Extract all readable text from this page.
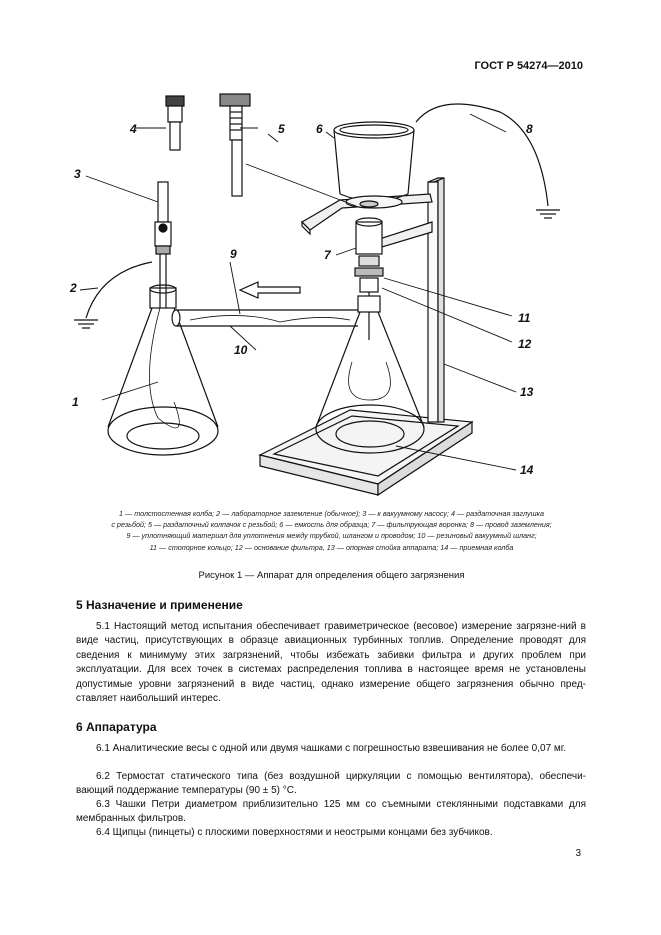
ГОСТ Р 54274—2010
4	5	6	8
3
2
9	7
10
1
11
12
13
14

1 — толстостенная колба; 2 — лабораторное заземление (обычное); 3 — к вакуумному насосу; 4 — раздаточная заглушка

с резьбой; 5 — раздаточный колпачок с резьбой; 6 — емкость для образца; 7 — фильтрующая воронка; 8 — провод заземления;

9 — уплотняющий материал для уплотнения между трубкой, шлангом и проводом; 10 — резиновый вакуумный шланг;

11 — стопорное кольцо; 12 — основание фильтра, 13 — опорная стойка аппарата; 14 — приемная колба

Рисунок 1 — Аппарат для определения общего загрязнения
5 Назначение и применение

5.1 Настоящий метод испытания обеспечивает гравиметрическое (весовое) измерение загрязне-ний в виде частиц, присутствующих в образце авиационных турбинных топлив. Определение проводят для сведения к минимуму этих загрязнений, чтобы избежать забивки фильтра и других проблем при эксплуатации. Для всех точек в системах распределения топлива в настоящее время не установлены допустимые уровни загрязнений в виде частиц, однако измерение общего загрязнения обычно пред-ставляет наибольший интерес.

6 Аппаратура

6.1 Аналитические весы с одной или двумя чашками с погрешностью взвешивания не более 0,07 мг.

6.2 Термостат статического типа (без воздушной циркуляции с помощью вентилятора), обеспечи-вающий поддержание температуры (90 ± 5) °С.

6.3 Чашки Петри диаметром приблизительно 125 мм со съемными стеклянными подставками для мембранных фильтров.

6.4 Щипцы (пинцеты) с плоскими поверхностями и неострыми концами без зубчиков.

3
